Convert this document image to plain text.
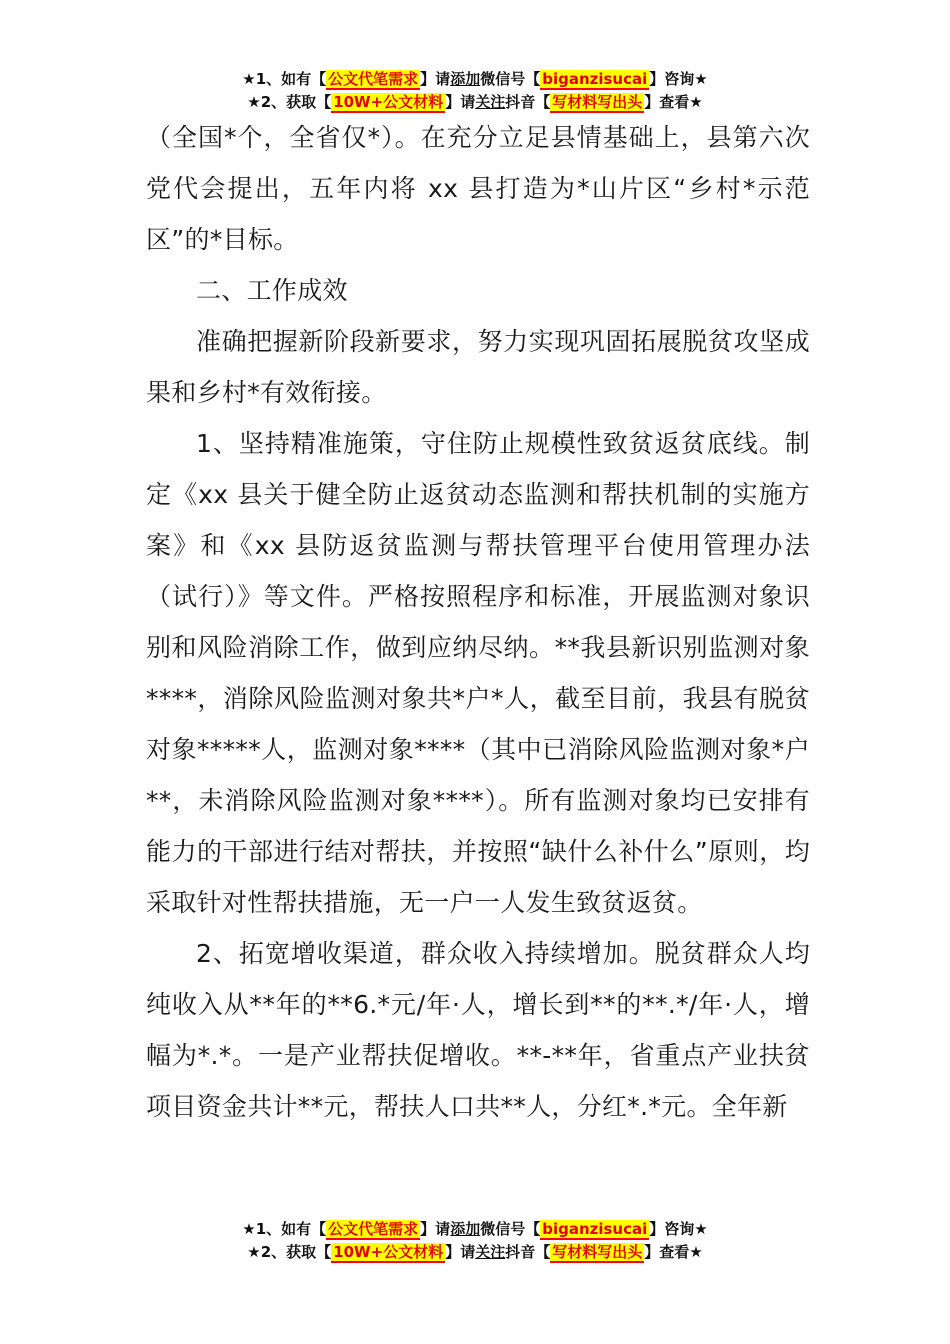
★1、如有【 公文代笔需求 】请添加微信号【 biganzisucai 】咨询★
★2、获取【 10W+公文材料 】请关注抖音【 写材料写出头 】查看★

（全国*个，全省仅*）。在充分立足县情基础上，县第六次党代会提出，五年内将 xx 县打造为*山片区“乡村*示范区”的*目标。

二、工作成效

准确把握新阶段新要求，努力实现巩固拓展脱贫攻坚成果和乡村*有效衔接。

1、坚持精准施策，守住防止规模性致贫返贫底线。制定《xx 县关于健全防止返贫动态监测和帮扶机制的实施方案》和《xx 县防返贫监测与帮扶管理平台使用管理办法（试行）》等文件。严格按照程序和标准，开展监测对象识别和风险消除工作，做到应纳尽纳。**我县新识别监测对象****，消除风险监测对象共*户*人，截至目前，我县有脱贫对象*****人，监测对象****（其中已消除风险监测对象*户**，未消除风险监测对象****）。所有监测对象均已安排有能力的干部进行结对帮扶，并按照“缺什么补什么”原则，均采取针对性帮扶措施，无一户一人发生致贫返贫。

2、拓宽增收渠道，群众收入持续增加。脱贫群众人均纯收入从**年的**6.*元/年·人，增长到**的**.*/年·人，增幅为*.*。一是产业帮扶促增收。**-**年，省重点产业扶贫项目资金共计**元，帮扶人口共**人，分红*.*元。全年新

★1、如有【 公文代笔需求 】请添加微信号【 biganzisucai 】咨询★
★2、获取【 10W+公文材料 】请关注抖音【 写材料写出头 】查看★
